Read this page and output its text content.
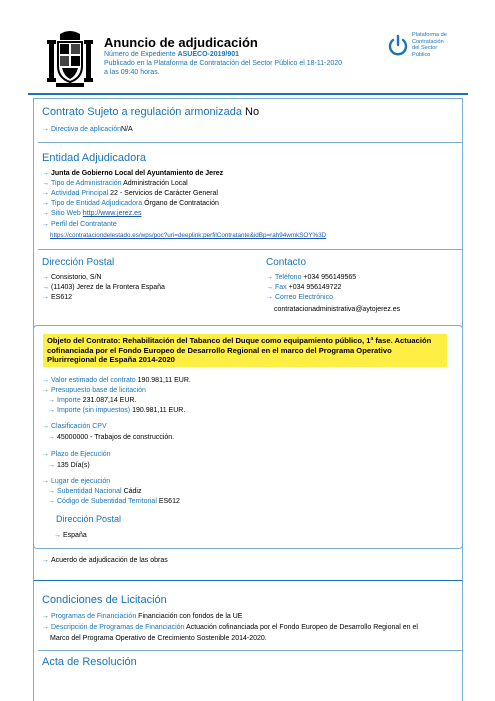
Anuncio de adjudicación
Número de Expediente ASUECO-2019/901
Publicado en la Plataforma de Contratación del Sector Público el 18-11-2020
a las 09:40 horas.
Plataforma de
Contratación
del Sector
Público
Contrato Sujeto a regulación armonizada No
→ Directiva de aplicaciónN/A
Entidad Adjudicadora
→ Junta de Gobierno Local del Ayuntamiento de Jerez
→ Tipo de Administración Administración Local
→ Actividad Principal 22 - Servicios de Carácter General
→ Tipo de Entidad Adjudicadora Órgano de Contratación
→ Sitio Web http://www.jerez.es
→ Perfil del Contratante
https://contrataciondelestado.es/wps/poc?uri=deeplink:perfilContratante&idBp=rah94wmkSOY%3D
Dirección Postal
→ Consistorio, S/N
→ (11403) Jerez de la Frontera España
→ ES612
Contacto
→ Teléfono +034 956149565
→ Fax +034 956149722
→ Correo Electrónico
contratacionadministrativa@aytojerez.es
Objeto del Contrato: Rehabilitación del Tabanco del Duque como equipamiento público, 1ª fase. Actuación cofinanciada por el Fondo Europeo de Desarrollo Regional en el marco del Programa Operativo Plurirregional de España 2014-2020
→ Valor estimado del contrato 190.981,11 EUR.
→ Presupuesto base de licitación
→ Importe 231.087,14 EUR.
→ Importe (sin impuestos) 190.981,11 EUR.
→ Clasificación CPV
→ 45000000 - Trabajos de construcción.
→ Plazo de Ejecución
→ 135 Día(s)
→ Lugar de ejecución
→ Subentidad Nacional Cádiz
→ Código de Subentidad Territorial ES612
Dirección Postal
→ España
→ Acuerdo de adjudicación de las obras
Condiciones de Licitación
→ Programas de Financiación Financiación con fondos de la UE
→ Descripción de Programas de Financiación Actuación cofinanciada por el Fondo Europeo de Desarrollo Regional en el
Marco del Programa Operativo de Crecimiento Sostenible 2014-2020.
Acta de Resolución
